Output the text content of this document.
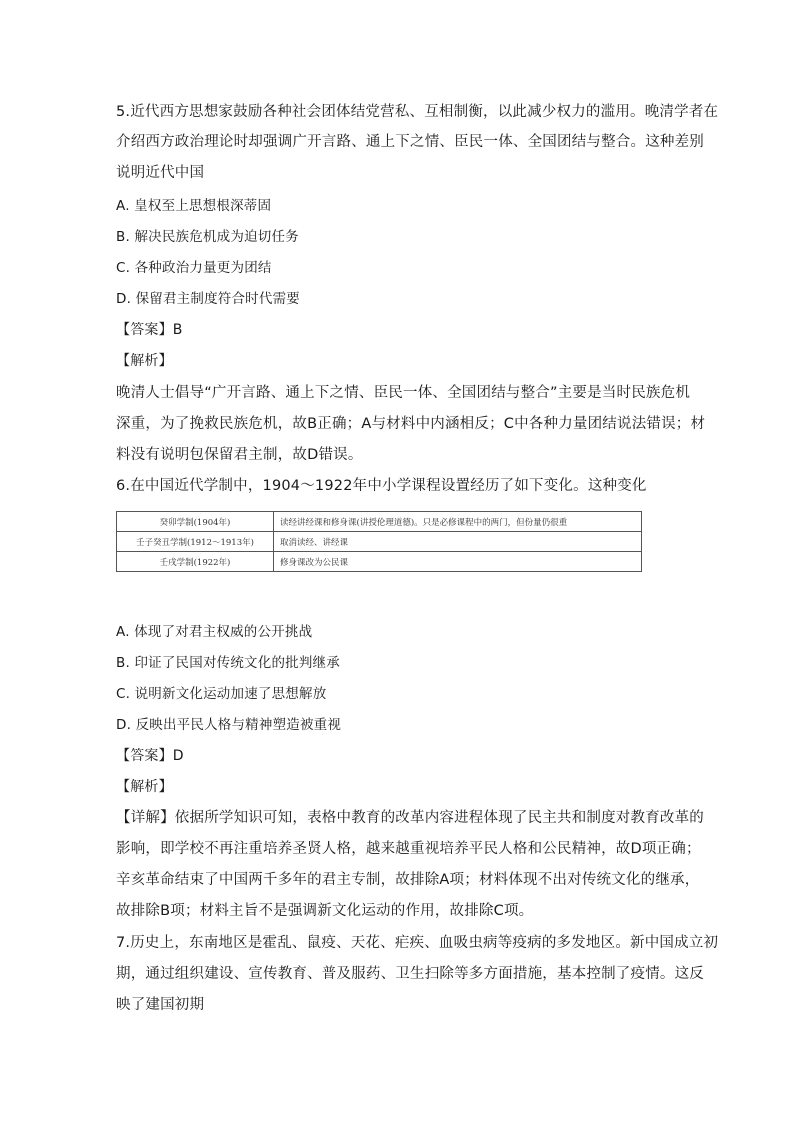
5.近代西方思想家鼓励各种社会团体结党营私、互相制衡，以此减少权力的滥用。晚清学者在
介绍西方政治理论时却强调广开言路、通上下之情、臣民一体、全国团结与整合。这种差别
说明近代中国
A. 皇权至上思想根深蒂固
B. 解决民族危机成为迫切任务
C. 各种政治力量更为团结
D. 保留君主制度符合时代需要
【答案】B
【解析】
晚清人士倡导“广开言路、通上下之情、臣民一体、全国团结与整合”主要是当时民族危机
深重，为了挽救民族危机，故B正确；A与材料中内涵相反；C中各种力量团结说法错误；材
料没有说明包保留君主制，故D错误。
6.在中国近代学制中，1904～1922年中小学课程设置经历了如下变化。这种变化
癸卯学制(1904年)	读经讲经课和修身课(讲授伦理道德)。只是必修课程中的两门，但份量仍很重
壬子癸丑学制(1912～1913年)	取消读经、讲经课
壬戌学制(1922年)	修身课改为公民课
A. 体现了对君主权威的公开挑战
B. 印证了民国对传统文化的批判继承
C. 说明新文化运动加速了思想解放
D. 反映出平民人格与精神塑造被重视
【答案】D
【解析】
【详解】依据所学知识可知，表格中教育的改革内容进程体现了民主共和制度对教育改革的
影响，即学校不再注重培养圣贤人格，越来越重视培养平民人格和公民精神，故D项正确；
辛亥革命结束了中国两千多年的君主专制，故排除A项；材料体现不出对传统文化的继承，
故排除B项；材料主旨不是强调新文化运动的作用，故排除C项。
7.历史上，东南地区是霍乱、鼠疫、天花、疟疾、血吸虫病等疫病的多发地区。新中国成立初
期，通过组织建设、宣传教育、普及服药、卫生扫除等多方面措施，基本控制了疫情。这反
映了建国初期
